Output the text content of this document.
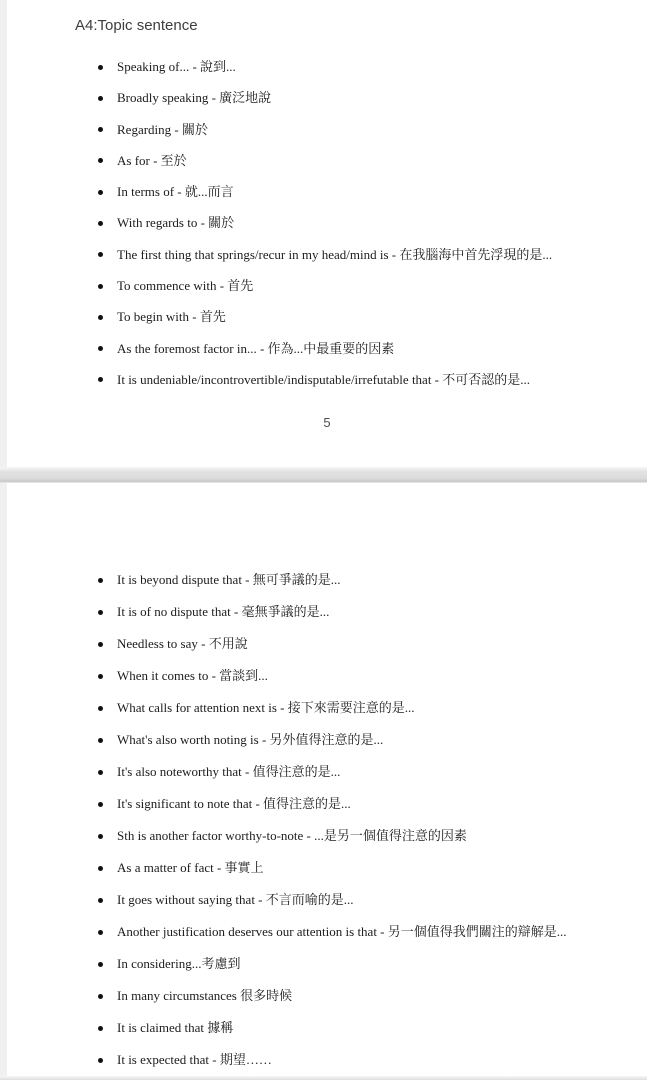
A4:Topic sentence
Speaking of... - 說到...
Broadly speaking - 廣泛地說
Regarding - 關於
As for - 至於
In terms of - 就...而言
With regards to - 關於
The first thing that springs/recur in my head/mind is - 在我腦海中首先浮現的是...
To commence with - 首先
To begin with - 首先
As the foremost factor in... - 作為...中最重要的因素
It is undeniable/incontrovertible/indisputable/irrefutable that - 不可否認的是...
5
It is beyond dispute that - 無可爭議的是...
It is of no dispute that - 毫無爭議的是...
Needless to say - 不用說
When it comes to - 當談到...
What calls for attention next is - 接下來需要注意的是...
What's also worth noting is - 另外值得注意的是...
It's also noteworthy that - 值得注意的是...
It's significant to note that - 值得注意的是...
Sth is another factor worthy-to-note - ...是另一個值得注意的因素
As a matter of fact - 事實上
It goes without saying that - 不言而喻的是...
Another justification deserves our attention is that - 另一個值得我們關注的辯解是...
In considering...考慮到
In many circumstances 很多時候
It is claimed that 據稱
It is expected that - 期望……
